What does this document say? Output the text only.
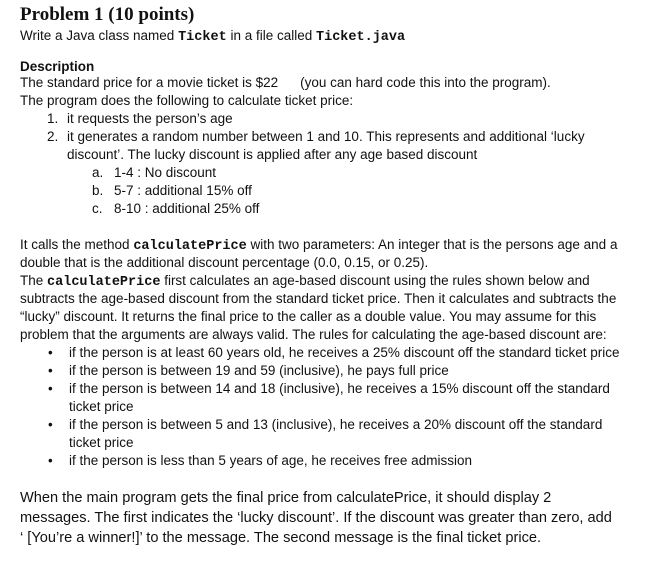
Problem 1 (10 points)
Write a Java class named Ticket in a file called Ticket.java
Description
The standard price for a movie ticket is $22 (you can hard code this into the program).
The program does the following to calculate ticket price:
1. it requests the person’s age
2. it generates a random number between 1 and 10. This represents and additional ‘lucky
discount’. The lucky discount is applied after any age based discount
a. 1-4 : No discount
b. 5-7 : additional 15% off
c. 8-10 : additional 25% off
It calls the method calculatePrice with two parameters: An integer that is the persons age and a
double that is the additional discount percentage (0.0, 0.15, or 0.25).
The calculatePrice first calculates an age-based discount using the rules shown below and
subtracts the age-based discount from the standard ticket price. Then it calculates and subtracts the
“lucky” discount. It returns the final price to the caller as a double value. You may assume for this
problem that the arguments are always valid. The rules for calculating the age-based discount are:
• if the person is at least 60 years old, he receives a 25% discount off the standard ticket price
• if the person is between 19 and 59 (inclusive), he pays full price
• if the person is between 14 and 18 (inclusive), he receives a 15% discount off the standard
ticket price
• if the person is between 5 and 13 (inclusive), he receives a 20% discount off the standard
ticket price
• if the person is less than 5 years of age, he receives free admission
When the main program gets the final price from calculatePrice, it should display 2
messages. The first indicates the ‘lucky discount’. If the discount was greater than zero, add
‘ [You’re a winner!]’ to the message. The second message is the final ticket price.
